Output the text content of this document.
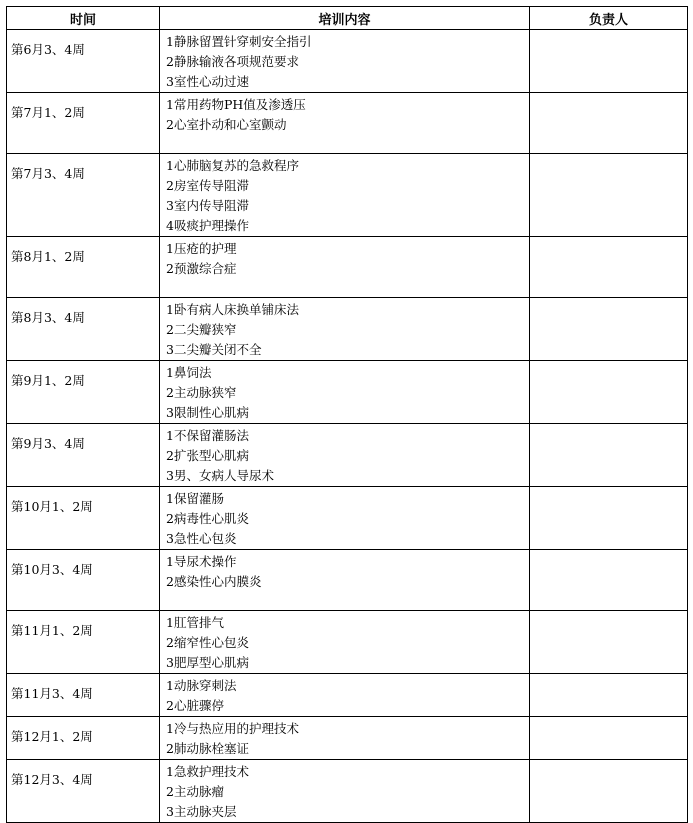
时间	培训内容	负责人
第6月3、4周	1静脉留置针穿刺安全指引
2静脉输液各项规范要求
3室性心动过速	

第7月1、2周	1常用药物PH值及渗透压
2心室扑动和心室颤动	

第7月3、4周	1心肺脑复苏的急救程序
2房室传导阻滞
3室内传导阻滞
4吸痰护理操作	

第8月1、2周	1压疮的护理
2预激综合症	

第8月3、4周	1卧有病人床换单铺床法
2二尖瓣狭窄
3二尖瓣关闭不全	

第9月1、2周	1鼻饲法
2主动脉狭窄
3限制性心肌病	

第9月3、4周	1不保留灌肠法
2扩张型心肌病
3男、女病人导尿术	

第10月1、2周	1保留灌肠
2病毒性心肌炎
3急性心包炎	

第10月3、4周	1导尿术操作
2感染性心内膜炎	

第11月1、2周	1肛管排气
2缩窄性心包炎
3肥厚型心肌病	

第11月3、4周	1动脉穿刺法
2心脏骤停	

第12月1、2周	1冷与热应用的护理技术
2肺动脉栓塞证	

第12月3、4周	1急救护理技术
2主动脉瘤
3主动脉夹层	
